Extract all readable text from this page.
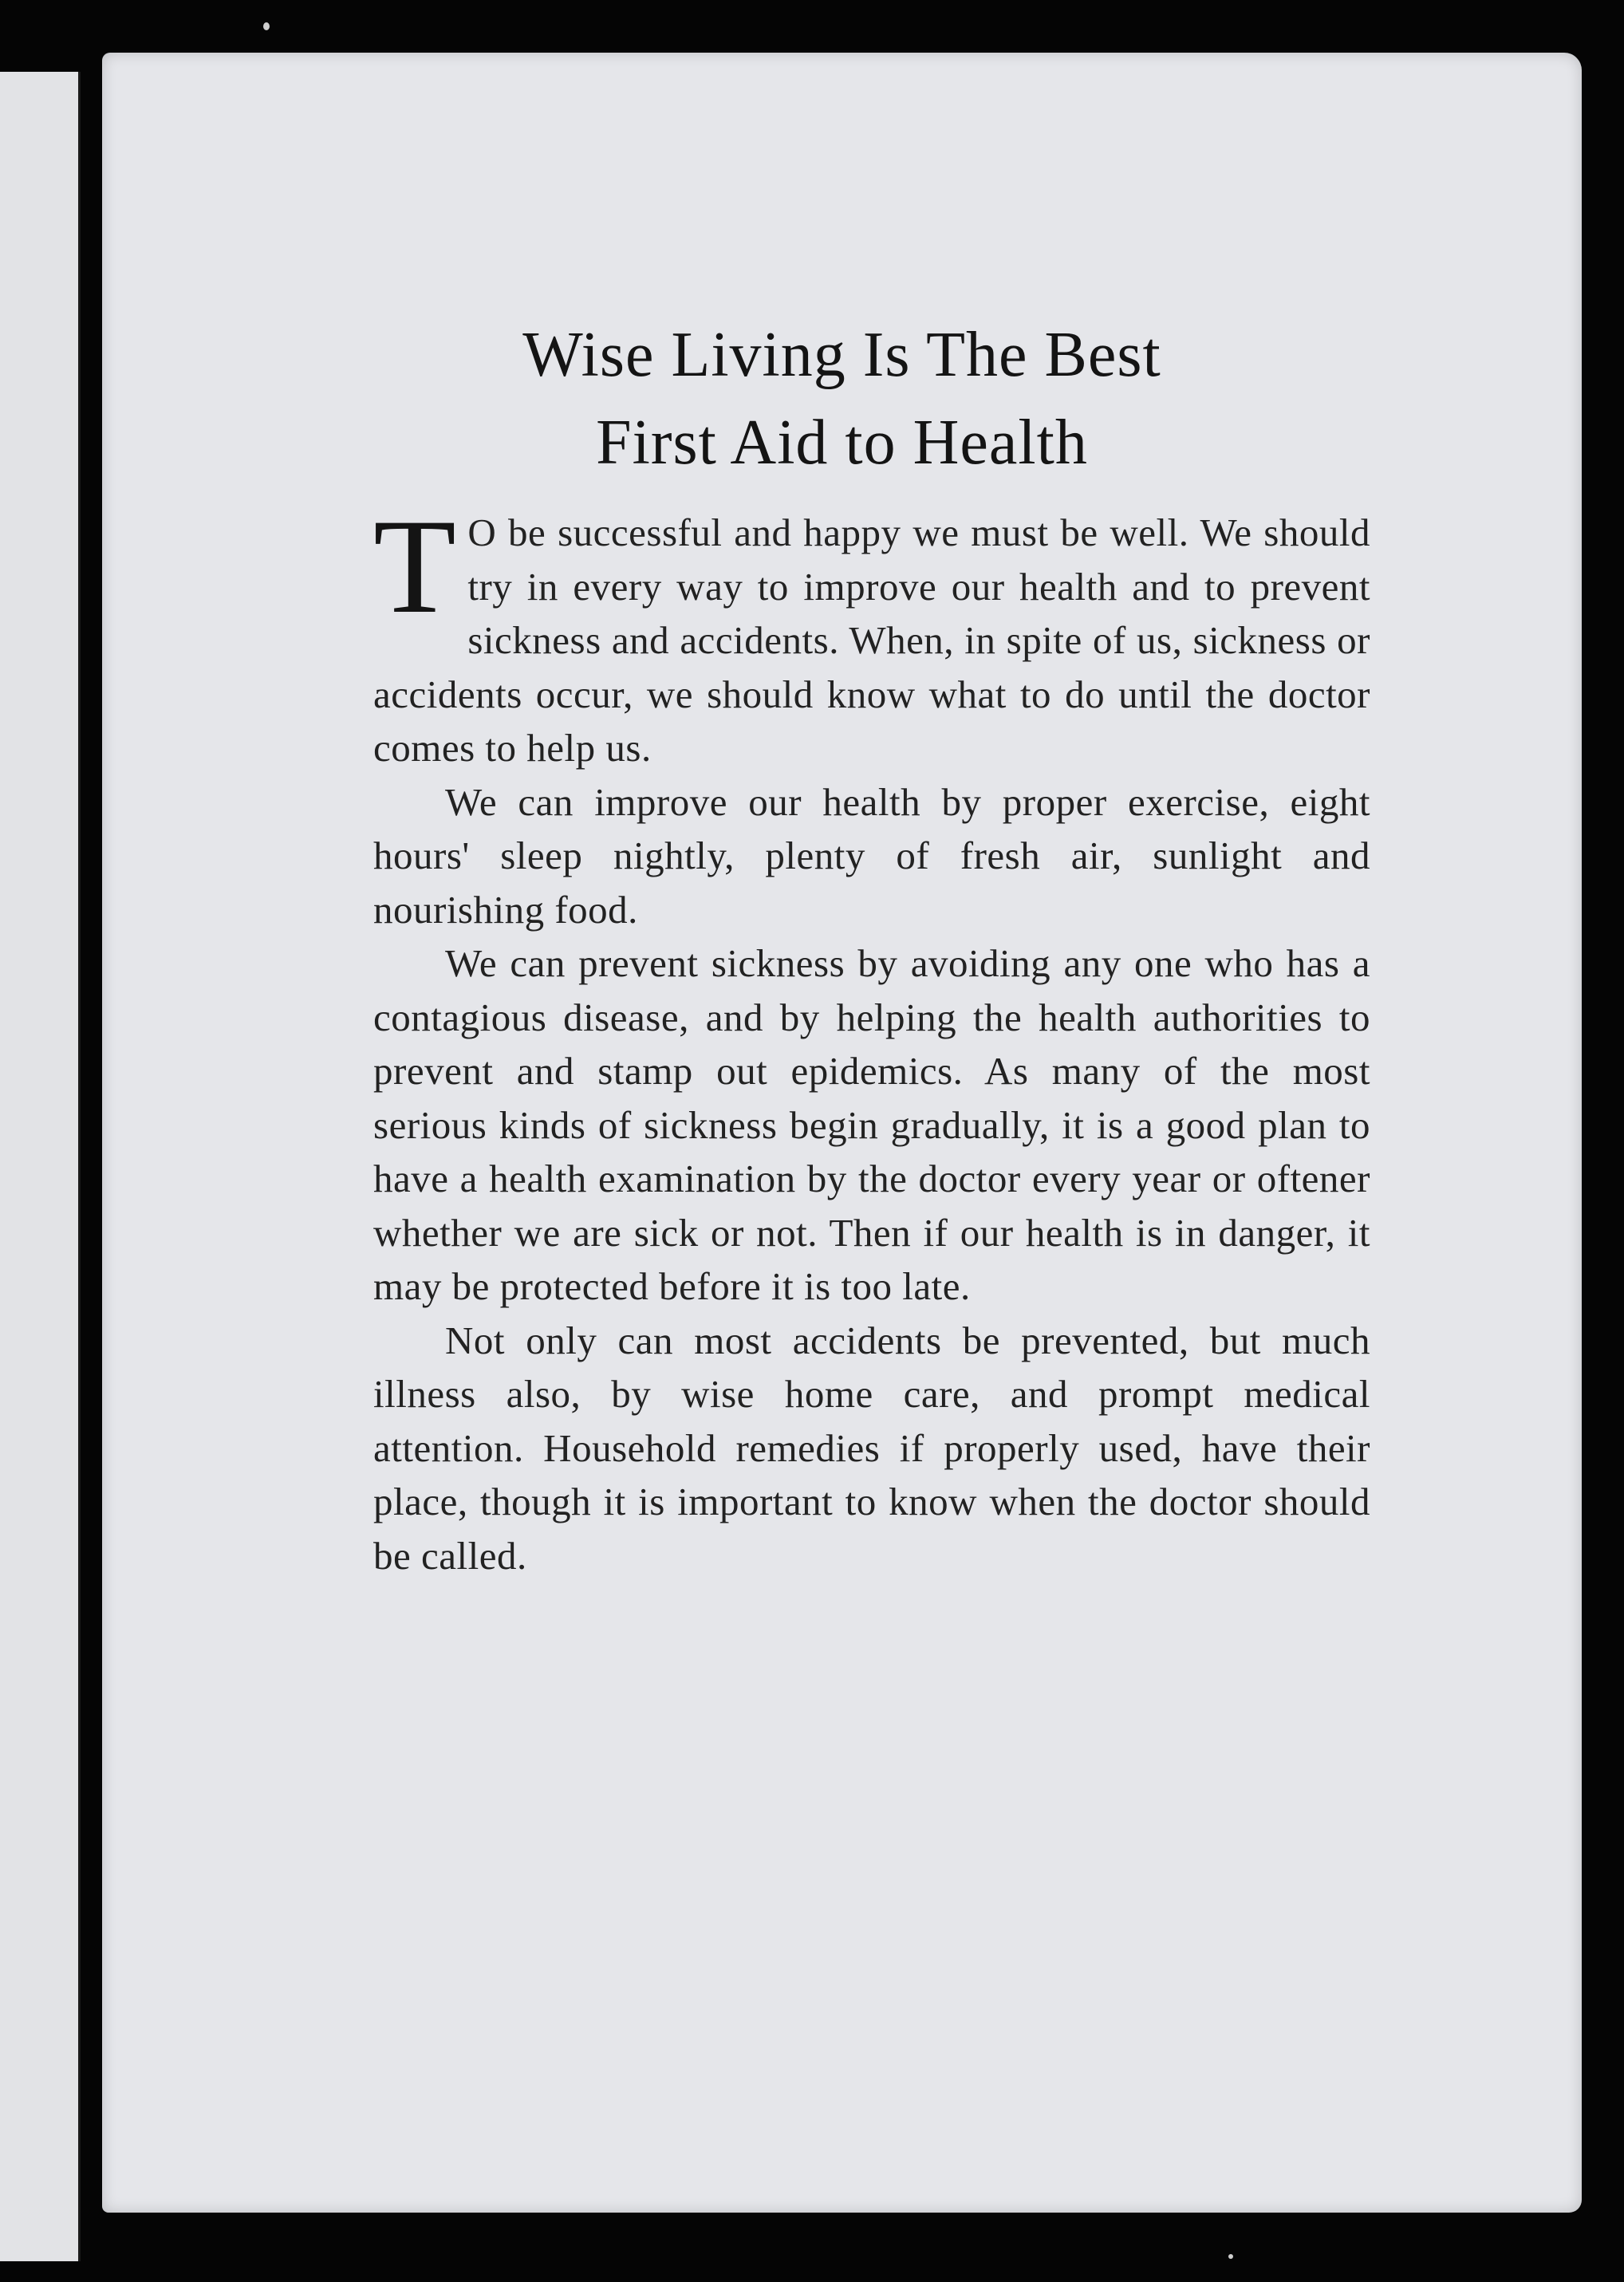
Wise Living Is The Best
First Aid to Health

T O be successful and happy we must be well. We should try in every way to improve our health and to prevent sickness and accidents. When, in spite of us, sickness or accidents occur, we should know what to do until the doctor comes to help us.

We can improve our health by proper exercise, eight hours' sleep nightly, plenty of fresh air, sunlight and nourishing food.

We can prevent sickness by avoiding any one who has a contagious disease, and by helping the health authorities to prevent and stamp out epidemics. As many of the most serious kinds of sickness begin gradually, it is a good plan to have a health examination by the doctor every year or oftener whether we are sick or not. Then if our health is in danger, it may be protected before it is too late.

Not only can most accidents be prevented, but much illness also, by wise home care, and prompt medical attention. Household remedies if properly used, have their place, though it is important to know when the doctor should be called.
